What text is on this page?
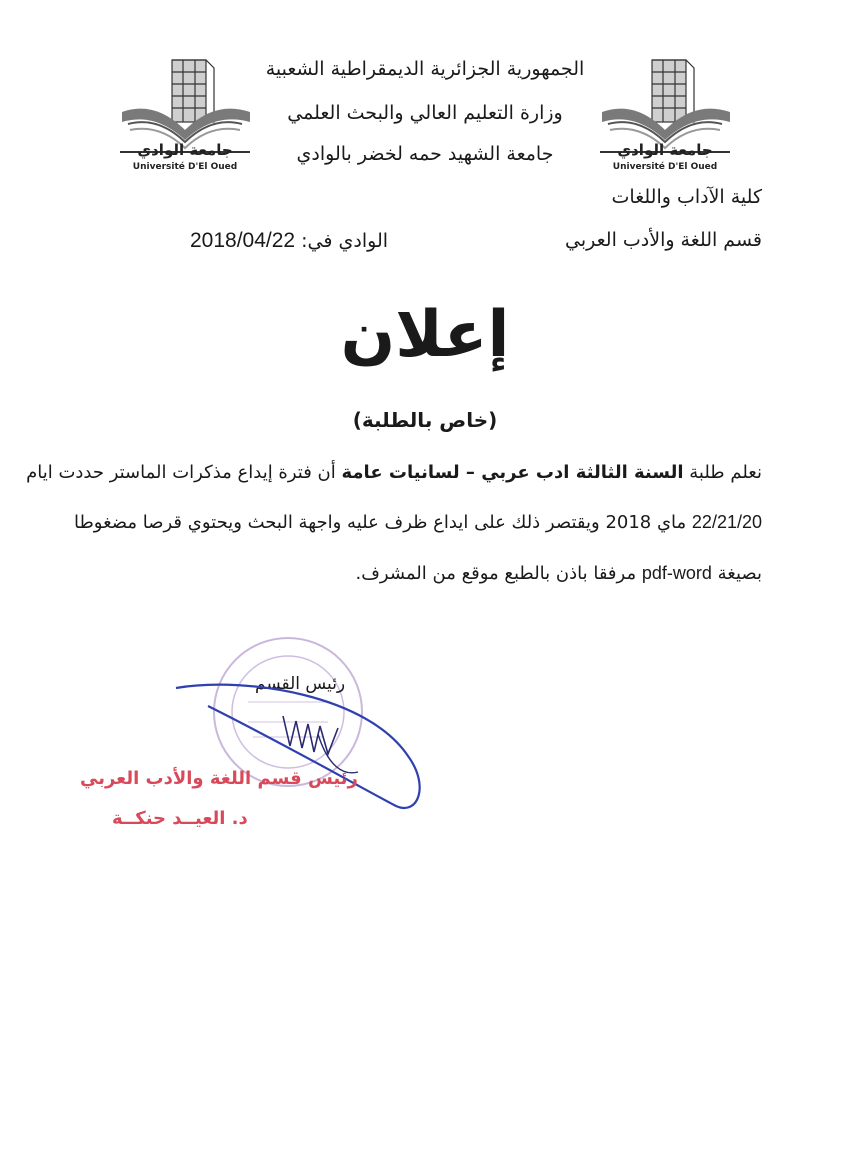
جامعة الوادي
Université D'El Oued
جامعة الوادي
Université D'El Oued
الجمهورية الجزائرية الديمقراطية الشعبية
وزارة التعليم العالي والبحث العلمي
جامعة الشهيد حمه لخضر بالوادي
كلية الآداب واللغات
قسم اللغة والأدب العربي
الوادي في: 2018/04/22
إعلان
(خاص بالطلبة)
نعلم طلبة السنة الثالثة ادب عربي – لسانيات عامة أن فترة إيداع مذكرات الماستر حددت ايام
22/21/20 ماي 2018 ويقتصر ذلك على ايداع ظرف عليه واجهة البحث ويحتوي قرصا مضغوطا
بصيغة pdf-word مرفقا باذن بالطبع موقع من المشرف.
رئيس القسم
رئيس قسم اللغة والأدب العربي
د. العيــد حنكــة
